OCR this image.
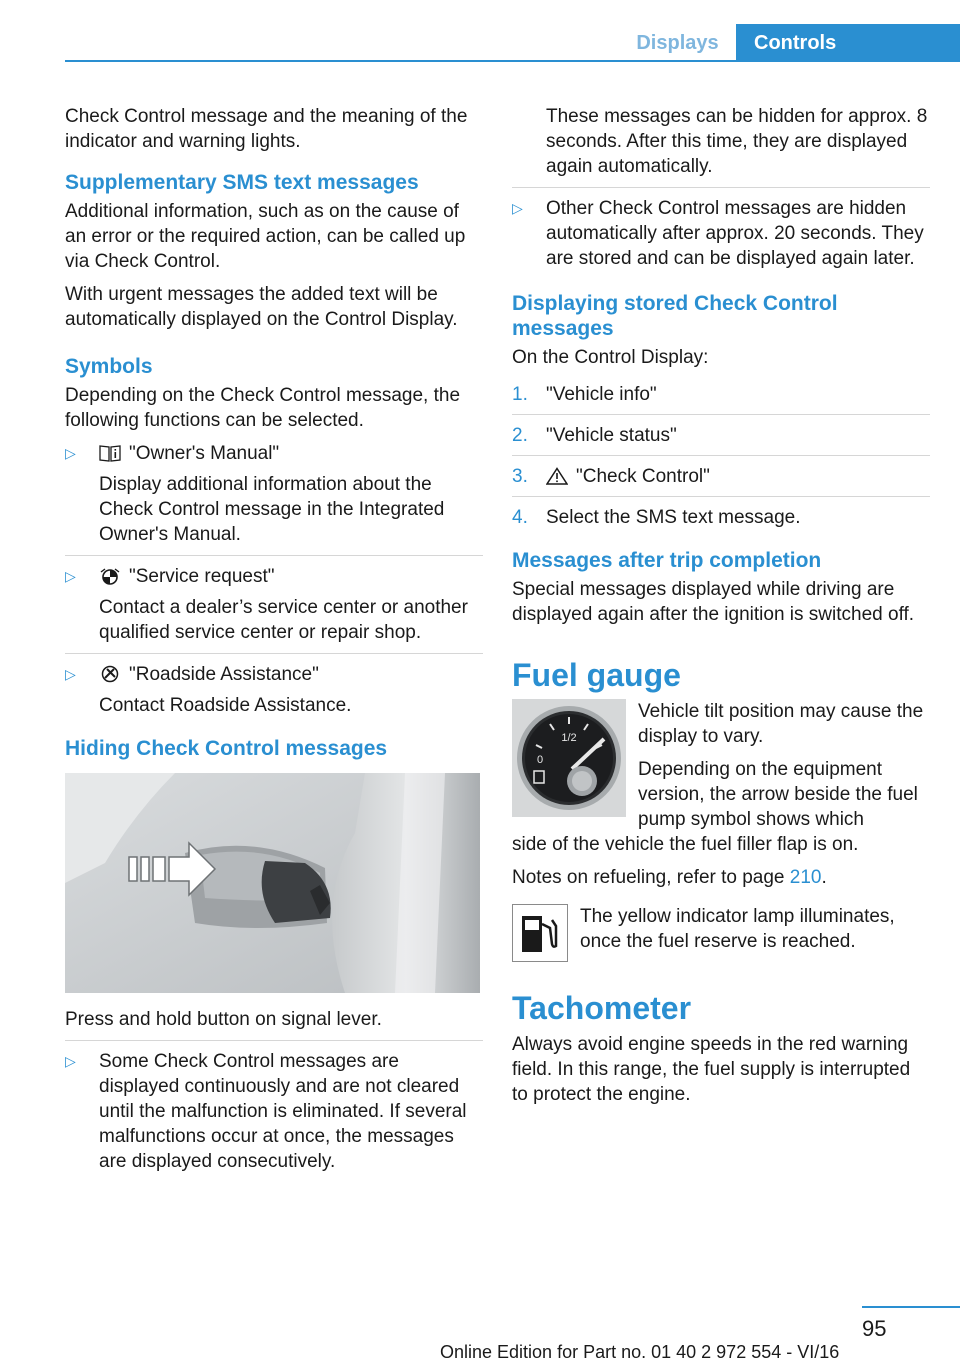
Displays	Controls

Check Control message and the meaning of the indicator and warning lights.

Supplementary SMS text messages

Additional information, such as on the cause of an error or the required action, can be called up via Check Control.

With urgent messages the added text will be automatically displayed on the Control Display.

Symbols

Depending on the Check Control message, the following functions can be selected.

▷	"Owner's Manual"
Display additional information about the Check Control message in the Integrated Owner's Manual.
▷	"Service request"
Contact a dealer’s service center or another qualified service center or repair shop.
▷	"Roadside Assistance"
Contact Roadside Assistance.
Hiding Check Control messages

Press and hold button on signal lever.

▷	Some Check Control messages are displayed continuously and are not cleared until the malfunction is eliminated. If several malfunctions occur at once, the messages are displayed consecutively.

These messages can be hidden for approx. 8 seconds. After this time, they are displayed again automatically.

▷	Other Check Control messages are hidden automatically after approx. 20 seconds. They are stored and can be displayed again later.
Displaying stored Check Control messages

On the Control Display:

1. "Vehicle info"
2. "Vehicle status"
3.	"Check Control"
4. Select the SMS text message.
Messages after trip completion

Special messages displayed while driving are displayed again after the ignition is switched off.

Fuel gauge
1/2
0

Vehicle tilt position may cause the display to vary.

Depending on the equipment version, the arrow beside the fuel pump symbol shows which

side of the vehicle the fuel filler flap is on.

Notes on refueling, refer to page 210.

The yellow indicator lamp illuminates, once the fuel reserve is reached.

Tachometer

Always avoid engine speeds in the red warning field. In this range, the fuel supply is interrupted to protect the engine.

95
Online Edition for Part no. 01 40 2 972 554 - VI/16
